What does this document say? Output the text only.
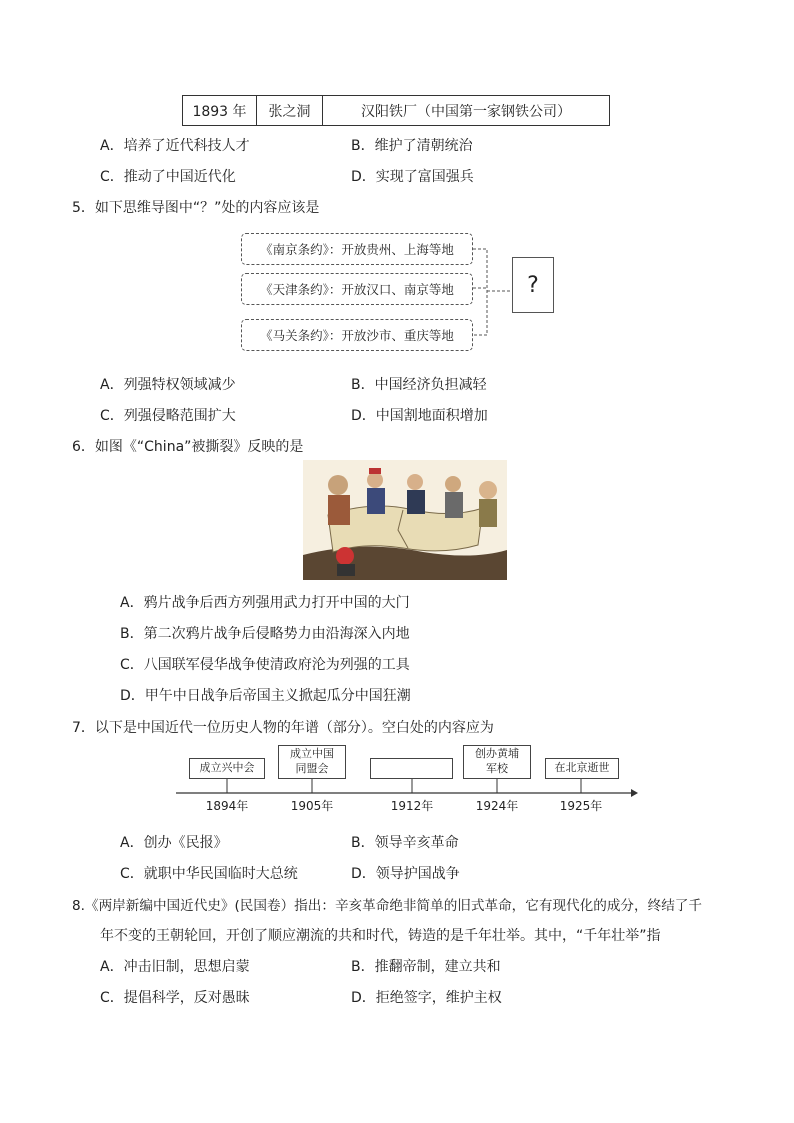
1893 年	张之洞	汉阳铁厂（中国第一家钢铁公司）
A．培养了近代科技人才	B．维护了清朝统治
C．推动了中国近代化	D．实现了富国强兵
5．如下思维导图中“？”处的内容应该是
《南京条约》：开放贵州、上海等地
《天津条约》：开放汉口、南京等地
《马关条约》：开放沙市、重庆等地
?
A．列强特权领域减少	B．中国经济负担减轻
C．列强侵略范围扩大	D．中国割地面积增加
6．如图《“China”被撕裂》反映的是
A．鸦片战争后西方列强用武力打开中国的大门
B．第二次鸦片战争后侵略势力由沿海深入内地
C．八国联军侵华战争使清政府沦为列强的工具
D．甲午中日战争后帝国主义掀起瓜分中国狂潮
7．以下是中国近代一位历史人物的年谱（部分）。空白处的内容应为
成立兴中会
成立中国同盟会
创办黄埔军校	在北京逝世
1894年	1905年	1912年	1924年	1925年
A．创办《民报》	B．领导辛亥革命
C．就职中华民国临时大总统	D．领导护国战争
8.《两岸新编中国近代史》(民国卷）指出：辛亥革命绝非简单的旧式革命，它有现代化的成分，终结了千
年不变的王朝轮回，开创了顺应潮流的共和时代，铸造的是千年壮举。其中，“千年壮举”指
A．冲击旧制，思想启蒙	B．推翻帝制，建立共和
C．提倡科学，反对愚昧	D．拒绝签字，维护主权
